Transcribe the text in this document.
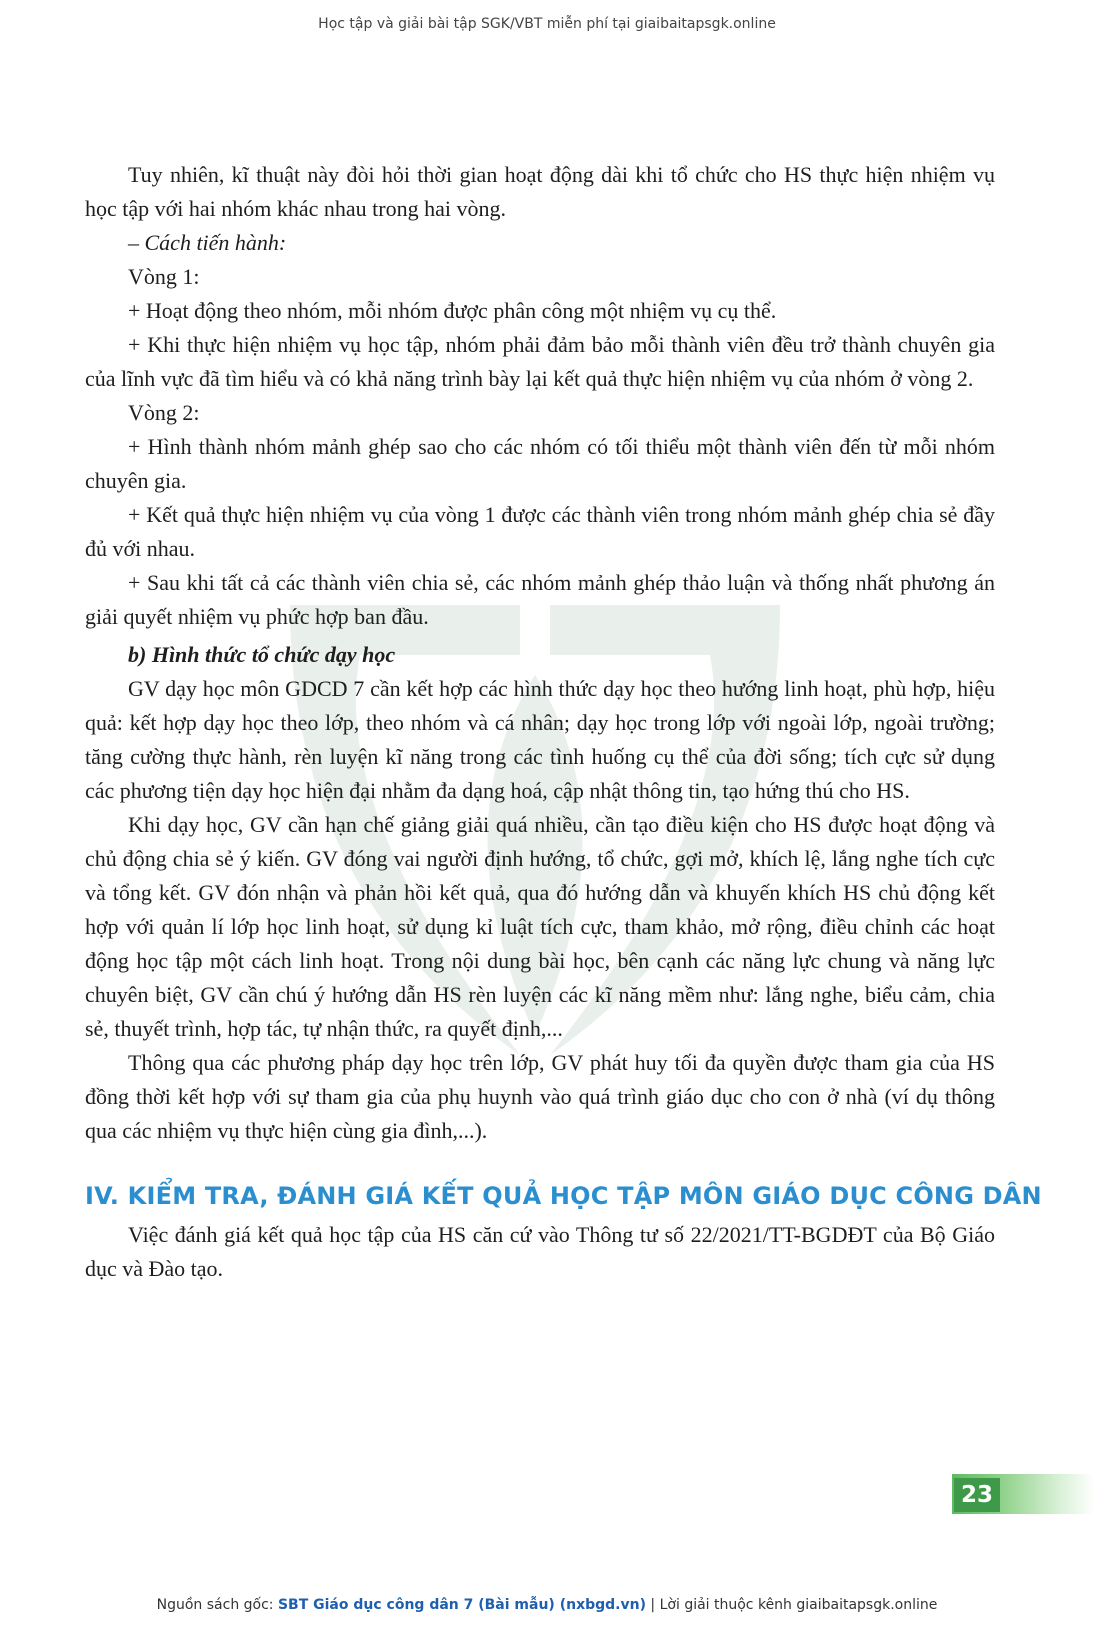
Học tập và giải bài tập SGK/VBT miễn phí tại giaibaitapsgk.online

Tuy nhiên, kĩ thuật này đòi hỏi thời gian hoạt động dài khi tổ chức cho HS thực hiện nhiệm vụ học tập với hai nhóm khác nhau trong hai vòng.

– Cách tiến hành:

Vòng 1:

+ Hoạt động theo nhóm, mỗi nhóm được phân công một nhiệm vụ cụ thể.

+ Khi thực hiện nhiệm vụ học tập, nhóm phải đảm bảo mỗi thành viên đều trở thành chuyên gia của lĩnh vực đã tìm hiểu và có khả năng trình bày lại kết quả thực hiện nhiệm vụ của nhóm ở vòng 2.

Vòng 2:

+ Hình thành nhóm mảnh ghép sao cho các nhóm có tối thiểu một thành viên đến từ mỗi nhóm chuyên gia.

+ Kết quả thực hiện nhiệm vụ của vòng 1 được các thành viên trong nhóm mảnh ghép chia sẻ đầy đủ với nhau.

+ Sau khi tất cả các thành viên chia sẻ, các nhóm mảnh ghép thảo luận và thống nhất phương án giải quyết nhiệm vụ phức hợp ban đầu.

b) Hình thức tổ chức dạy học

GV dạy học môn GDCD 7 cần kết hợp các hình thức dạy học theo hướng linh hoạt, phù hợp, hiệu quả: kết hợp dạy học theo lớp, theo nhóm và cá nhân; dạy học trong lớp với ngoài lớp, ngoài trường; tăng cường thực hành, rèn luyện kĩ năng trong các tình huống cụ thể của đời sống; tích cực sử dụng các phương tiện dạy học hiện đại nhằm đa dạng hoá, cập nhật thông tin, tạo hứng thú cho HS.

Khi dạy học, GV cần hạn chế giảng giải quá nhiều, cần tạo điều kiện cho HS được hoạt động và chủ động chia sẻ ý kiến. GV đóng vai người định hướng, tổ chức, gợi mở, khích lệ, lắng nghe tích cực và tổng kết. GV đón nhận và phản hồi kết quả, qua đó hướng dẫn và khuyến khích HS chủ động kết hợp với quản lí lớp học linh hoạt, sử dụng kỉ luật tích cực, tham khảo, mở rộng, điều chỉnh các hoạt động học tập một cách linh hoạt. Trong nội dung bài học, bên cạnh các năng lực chung và năng lực chuyên biệt, GV cần chú ý hướng dẫn HS rèn luyện các kĩ năng mềm như: lắng nghe, biểu cảm, chia sẻ, thuyết trình, hợp tác, tự nhận thức, ra quyết định,...

Thông qua các phương pháp dạy học trên lớp, GV phát huy tối đa quyền được tham gia của HS đồng thời kết hợp với sự tham gia của phụ huynh vào quá trình giáo dục cho con ở nhà (ví dụ thông qua các nhiệm vụ thực hiện cùng gia đình,...).

IV. KIỂM TRA, ĐÁNH GIÁ KẾT QUẢ HỌC TẬP MÔN GIÁO DỤC CÔNG DÂN

Việc đánh giá kết quả học tập của HS căn cứ vào Thông tư số 22/2021/TT-BGDĐT của Bộ Giáo dục và Đào tạo.

23
Nguồn sách gốc: SBT Giáo dục công dân 7 (Bài mẫu) (nxbgd.vn) | Lời giải thuộc kênh giaibaitapsgk.online
